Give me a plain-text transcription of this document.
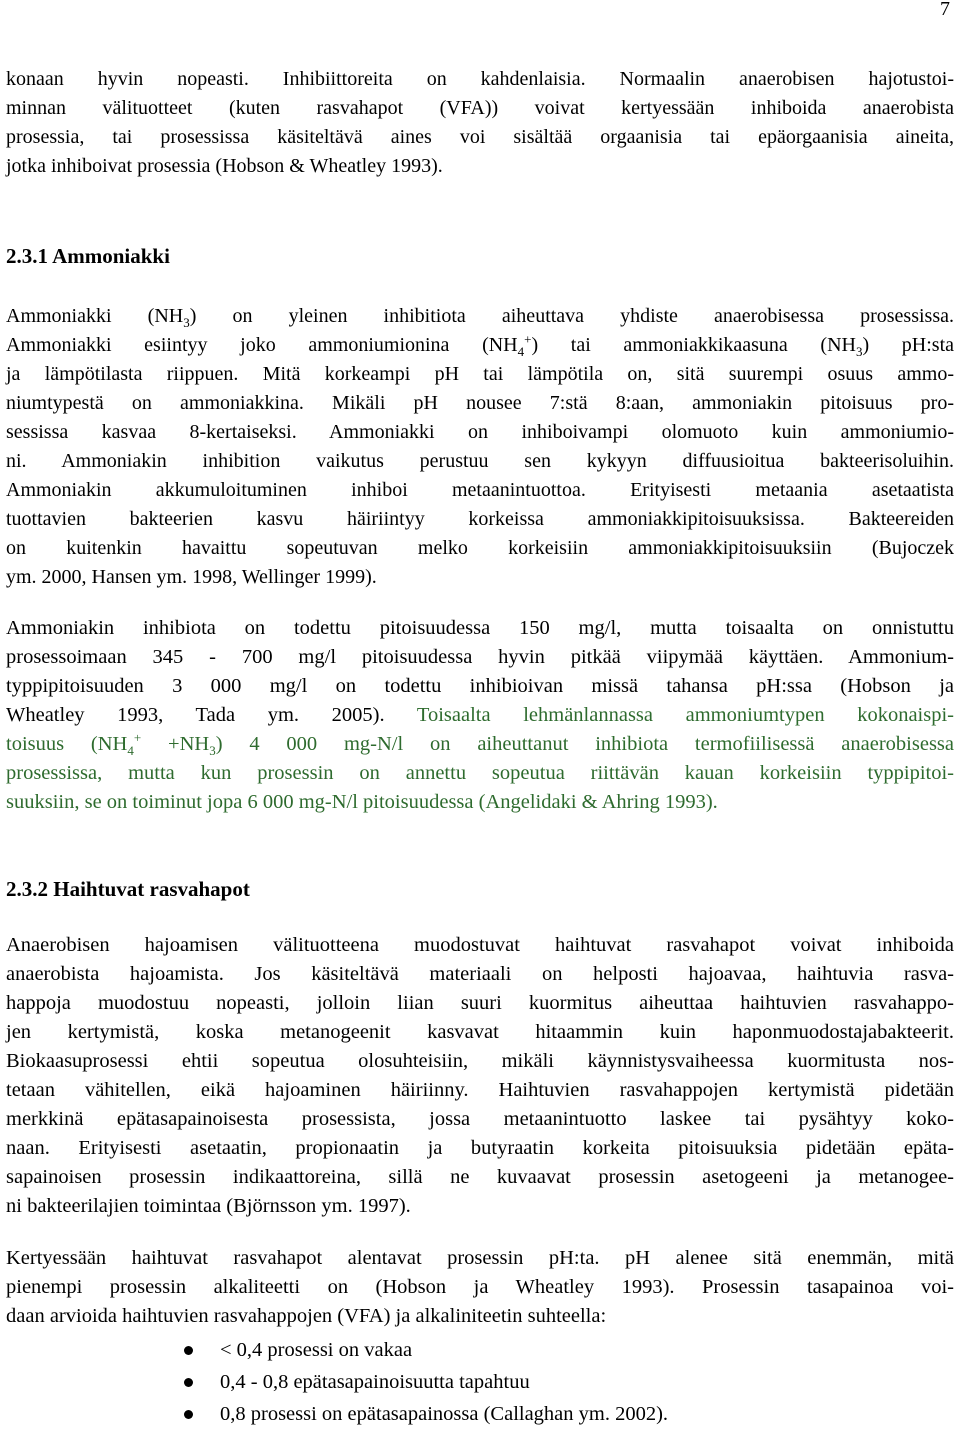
7
konaan hyvin nopeasti. Inhibiittoreita on kahdenlaisia. Normaalin anaerobisen hajotustoi-
minnan välituotteet (kuten rasvahapot (VFA)) voivat kertyessään inhiboida anaerobista
prosessia, tai prosessissa käsiteltävä aines voi sisältää orgaanisia tai epäorgaanisia aineita,
jotka inhiboivat prosessia (Hobson & Wheatley 1993).
2.3.1 Ammoniakki
Ammoniakki $(NH_3)$ on yleinen inhibitiota aiheuttava yhdiste anaerobisessa prosessissa.
Ammoniakki esiintyy joko ammoniumionina $(NH_4^+)$ tai ammoniakkikaasuna $(NH_3)$ pH:sta
ja lämpötilasta riippuen. Mitä korkeampi pH tai lämpötila on, sitä suurempi osuus ammo-
niumtypestä on ammoniakkina. Mikäli pH nousee 7:stä 8:aan, ammoniakin pitoisuus pro-
sessissa kasvaa 8-kertaiseksi. Ammoniakki on inhiboivampi olomuoto kuin ammoniumio-
ni. Ammoniakin inhibition vaikutus perustuu sen kykyyn diffuusioitua bakteerisoluihin.
Ammoniakin akkumuloituminen inhiboi metaanintuottoa. Erityisesti metaania asetaatista
tuottavien bakteerien kasvu häiriintyy korkeissa ammoniakkipitoisuuksissa. Bakteereiden
on kuitenkin havaittu sopeutuvan melko korkeisiin ammoniakkipitoisuuksiin (Bujoczek
ym. 2000, Hansen ym. 1998, Wellinger 1999).
Ammoniakin inhibiota on todettu pitoisuudessa 150 mg/l, mutta toisaalta on onnistuttu
prosessoimaan 345 - 700 mg/l pitoisuudessa hyvin pitkää viipymää käyttäen. Ammonium-
typpipitoisuuden 3 000 mg/l on todettu inhibioivan missä tahansa pH:ssa (Hobson ja
Wheatley 1993, Tada ym. 2005). Toisaalta lehmänlannassa ammoniumtypen kokonaispi-
toisuus $(NH_4^+ +NH_3)$ 4 000 mg-N/l on aiheuttanut inhibiota termofiilisessä anaerobisessa
prosessissa, mutta kun prosessin on annettu sopeutua riittävän kauan korkeisiin typpipitoi-
suuksiin, se on toiminut jopa 6 000 mg-N/l pitoisuudessa (Angelidaki & Ahring 1993).
2.3.2 Haihtuvat rasvahapot
Anaerobisen hajoamisen välituotteena muodostuvat haihtuvat rasvahapot voivat inhiboida
anaerobista hajoamista. Jos käsiteltävä materiaali on helposti hajoavaa, haihtuvia rasva-
happoja muodostuu nopeasti, jolloin liian suuri kuormitus aiheuttaa haihtuvien rasvahappo-
jen kertymistä, koska metanogeenit kasvavat hitaammin kuin haponmuodostajabakteerit.
Biokaasuprosessi ehtii sopeutua olosuhteisiin, mikäli käynnistysvaiheessa kuormitusta nos-
tetaan vähitellen, eikä hajoaminen häiriinny. Haihtuvien rasvahappojen kertymistä pidetään
merkkinä epätasapainoisesta prosessista, jossa metaanintuotto laskee tai pysähtyy koko-
naan. Erityisesti asetaatin, propionaatin ja butyraatin korkeita pitoisuuksia pidetään epäta-
sapainoisen prosessin indikaattoreina, sillä ne kuvaavat prosessin asetogeeni ja metanogee-
ni bakteerilajien toimintaa (Björnsson ym. 1997).
Kertyessään haihtuvat rasvahapot alentavat prosessin pH:ta. pH alenee sitä enemmän, mitä
pienempi prosessin alkaliteetti on (Hobson ja Wheatley 1993). Prosessin tasapainoa voi-
daan arvioida haihtuvien rasvahappojen (VFA) ja alkaliniteetin suhteella:
< 0,4 prosessi on vakaa
0,4 - 0,8 epätasapainoisuutta tapahtuu
0,8 prosessi on epätasapainossa (Callaghan ym. 2002).
